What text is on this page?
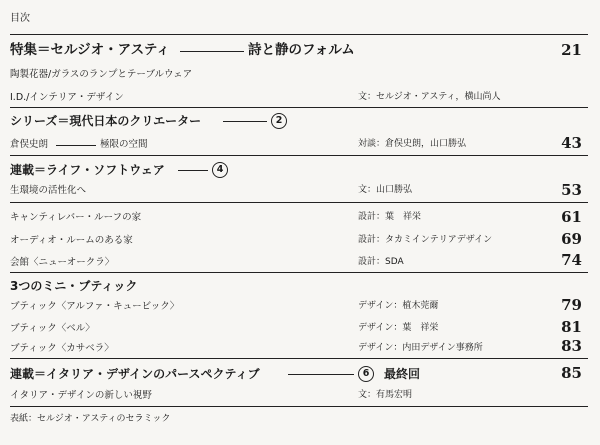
目次
特集＝セルジオ・アスティ	詩と静のフォルム	21
陶製花器/ガラスのランプとテーブルウェア
I.D./インテリア・デザイン	文：セルジオ・アスティ，横山尚人
シリーズ＝現代日本のクリエーター	2
倉俣史朗	極限の空間	対談：倉俣史朗，山口勝弘	43
連載＝ライフ・ソフトウェア	4
生環境の活性化へ	文：山口勝弘	53
キャンティレバー・ルーフの家	設計：葉　祥栄	61
オーディオ・ルームのある家	設計：タカミインテリアデザイン	69
会館〈ニューオークラ〉	設計：SDA	74
3つのミニ・ブティック
ブティック〈アルファ・キュービック〉	デザイン：植木莞爾	79
ブティック〈ベル〉	デザイン：葉　祥栄	81
ブティック〈カサベラ〉	デザイン：内田デザイン事務所	83
連載＝イタリア・デザインのパースペクティブ	6	最終回	85
イタリア・デザインの新しい視野	文：有馬宏明
表紙：セルジオ・アスティのセラミック
